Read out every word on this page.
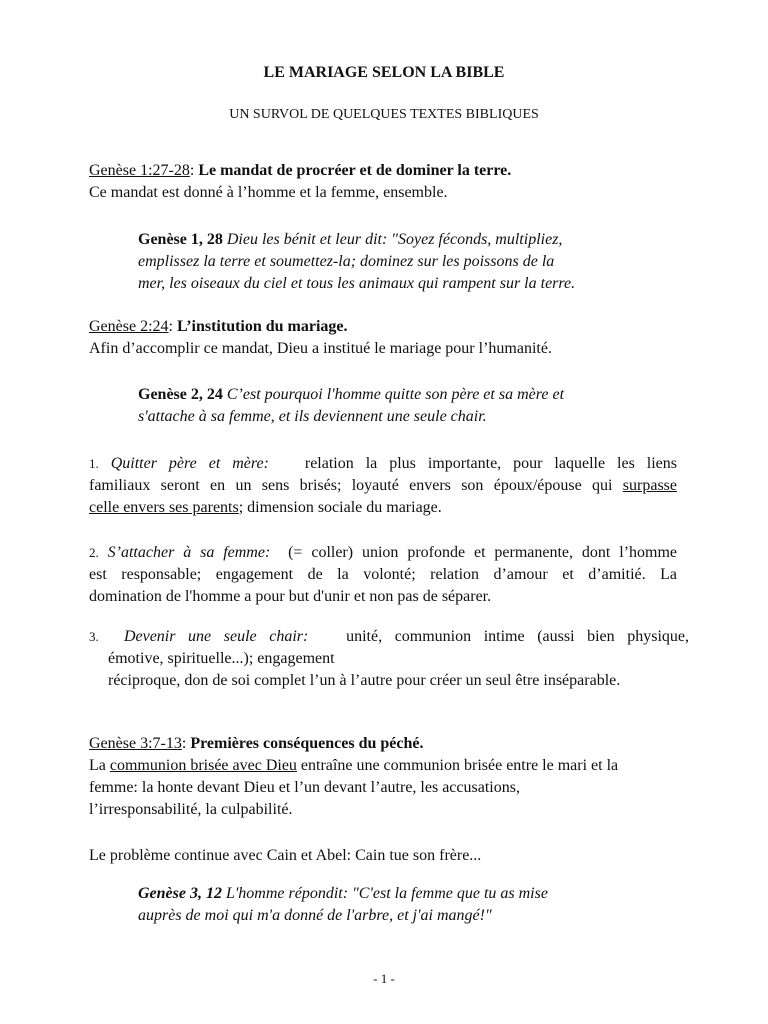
LE MARIAGE SELON LA BIBLE
UN SURVOL DE QUELQUES TEXTES BIBLIQUES
Genèse 1:27-28: Le mandat de procréer et de dominer la terre.
Ce mandat est donné à l’homme et la femme, ensemble.
Genèse 1, 28 Dieu les bénit et leur dit: "Soyez féconds, multipliez,
emplissez la terre et soumettez-la; dominez sur les poissons de la
mer, les oiseaux du ciel et tous les animaux qui rampent sur la terre.
Genèse 2:24: L’institution du mariage.
Afin d’accomplir ce mandat, Dieu a institué le mariage pour l’humanité.
Genèse 2, 24 C’est pourquoi l'homme quitte son père et sa mère et
s'attache à sa femme, et ils deviennent une seule chair.
1. Quitter père et mère: relation la plus importante, pour laquelle les liens
familiaux seront en un sens brisés; loyauté envers son époux/épouse qui surpasse
celle envers ses parents; dimension sociale du mariage.
2. S’attacher à sa femme: (= coller) union profonde et permanente, dont l’homme
est responsable; engagement de la volonté; relation d’amour et d’amitié. La
domination de l'homme a pour but d'unir et non pas de séparer.
3. Devenir une seule chair: unité, communion intime (aussi bien physique,
émotive, spirituelle...); engagement
réciproque, don de soi complet l’un à l’autre pour créer un seul être inséparable.
Genèse 3:7-13: Premières conséquences du péché.
La communion brisée avec Dieu entraîne une communion brisée entre le mari et la
femme: la honte devant Dieu et l’un devant l’autre, les accusations,
l’irresponsabilité, la culpabilité.
Le problème continue avec Cain et Abel: Cain tue son frère...
Genèse 3, 12 L'homme répondit: "C'est la femme que tu as mise
auprès de moi qui m'a donné de l'arbre, et j'ai mangé!"
- 1 -
